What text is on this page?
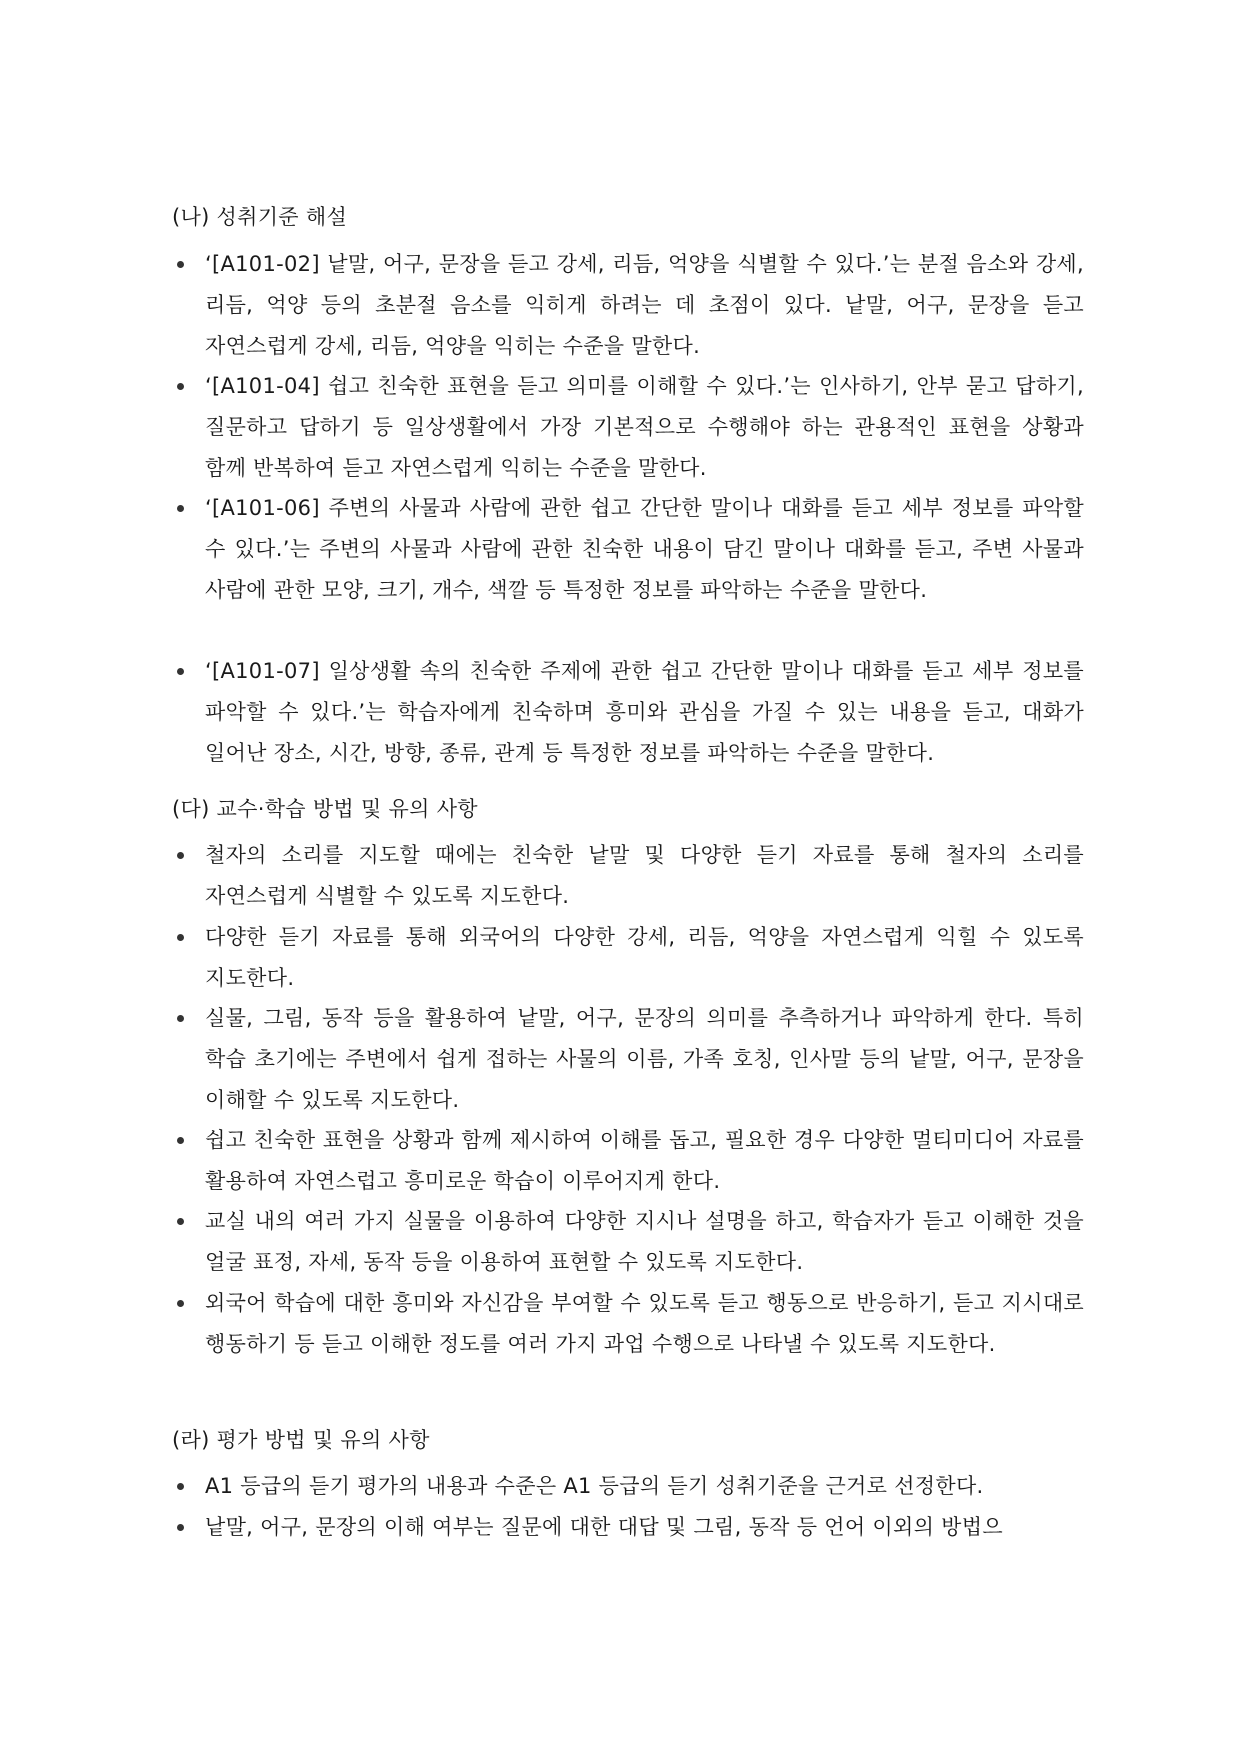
(나) 성취기준 해설
‘[A101-02] 낱말, 어구, 문장을 듣고 강세, 리듬, 억양을 식별할 수 있다.’는 분절 음소와 강세, 리듬, 억양 등의 초분절 음소를 익히게 하려는 데 초점이 있다. 낱말, 어구, 문장을 듣고 자연스럽게 강세, 리듬, 억양을 익히는 수준을 말한다.
‘[A101-04] 쉽고 친숙한 표현을 듣고 의미를 이해할 수 있다.’는 인사하기, 안부 묻고 답하기, 질문하고 답하기 등 일상생활에서 가장 기본적으로 수행해야 하는 관용적인 표현을 상황과 함께 반복하여 듣고 자연스럽게 익히는 수준을 말한다.
‘[A101-06] 주변의 사물과 사람에 관한 쉽고 간단한 말이나 대화를 듣고 세부 정보를 파악할 수 있다.’는 주변의 사물과 사람에 관한 친숙한 내용이 담긴 말이나 대화를 듣고, 주변 사물과 사람에 관한 모양, 크기, 개수, 색깔 등 특정한 정보를 파악하는 수준을 말한다.
‘[A101-07] 일상생활 속의 친숙한 주제에 관한 쉽고 간단한 말이나 대화를 듣고 세부 정보를 파악할 수 있다.’는 학습자에게 친숙하며 흥미와 관심을 가질 수 있는 내용을 듣고, 대화가 일어난 장소, 시간, 방향, 종류, 관계 등 특정한 정보를 파악하는 수준을 말한다.
(다) 교수·학습 방법 및 유의 사항
철자의 소리를 지도할 때에는 친숙한 낱말 및 다양한 듣기 자료를 통해 철자의 소리를 자연스럽게 식별할 수 있도록 지도한다.
다양한 듣기 자료를 통해 외국어의 다양한 강세, 리듬, 억양을 자연스럽게 익힐 수 있도록 지도한다.
실물, 그림, 동작 등을 활용하여 낱말, 어구, 문장의 의미를 추측하거나 파악하게 한다. 특히 학습 초기에는 주변에서 쉽게 접하는 사물의 이름, 가족 호칭, 인사말 등의 낱말, 어구, 문장을 이해할 수 있도록 지도한다.
쉽고 친숙한 표현을 상황과 함께 제시하여 이해를 돕고, 필요한 경우 다양한 멀티미디어 자료를 활용하여 자연스럽고 흥미로운 학습이 이루어지게 한다.
교실 내의 여러 가지 실물을 이용하여 다양한 지시나 설명을 하고, 학습자가 듣고 이해한 것을 얼굴 표정, 자세, 동작 등을 이용하여 표현할 수 있도록 지도한다.
외국어 학습에 대한 흥미와 자신감을 부여할 수 있도록 듣고 행동으로 반응하기, 듣고 지시대로 행동하기 등 듣고 이해한 정도를 여러 가지 과업 수행으로 나타낼 수 있도록 지도한다.
(라) 평가 방법 및 유의 사항
A1 등급의 듣기 평가의 내용과 수준은 A1 등급의 듣기 성취기준을 근거로 선정한다.
낱말, 어구, 문장의 이해 여부는 질문에 대한 대답 및 그림, 동작 등 언어 이외의 방법으
